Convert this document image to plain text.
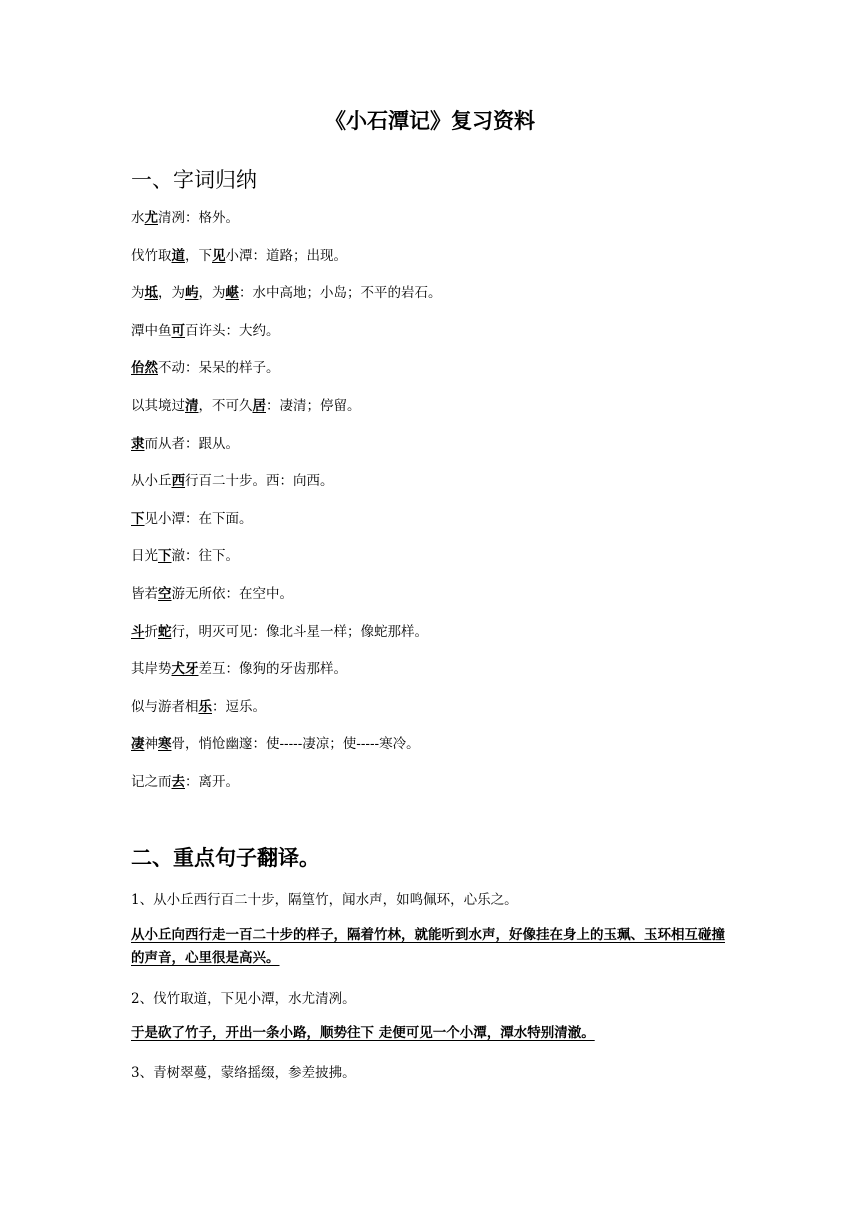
《小石潭记》复习资料
一、字词归纳
水尤清冽：格外。
伐竹取道，下见小潭：道路；出现。
为坻，为屿，为嵁：水中高地；小岛；不平的岩石。
潭中鱼可百许头：大约。
佁然不动：呆呆的样子。
以其境过清，不可久居：凄清；停留。
隶而从者：跟从。
从小丘西行百二十步。西：向西。
下见小潭：在下面。
日光下澈：往下。
皆若空游无所依：在空中。
斗折蛇行，明灭可见：像北斗星一样；像蛇那样。
其岸势犬牙差互：像狗的牙齿那样。
似与游者相乐：逗乐。
凄神寒骨，悄怆幽邃：使-----凄凉；使-----寒冷。
记之而去：离开。
二、重点句子翻译。
1、从小丘西行百二十步，隔篁竹，闻水声，如鸣佩环，心乐之。
从小丘向西行走一百二十步的样子，隔着竹林，就能听到水声，好像挂在身上的玉珮、玉环相互碰撞的声音，心里很是高兴。
2、伐竹取道，下见小潭，水尤清冽。
于是砍了竹子，开出一条小路，顺势往下 走便可见一个小潭，潭水特别清澈。
3、青树翠蔓，蒙络摇缀，参差披拂。
